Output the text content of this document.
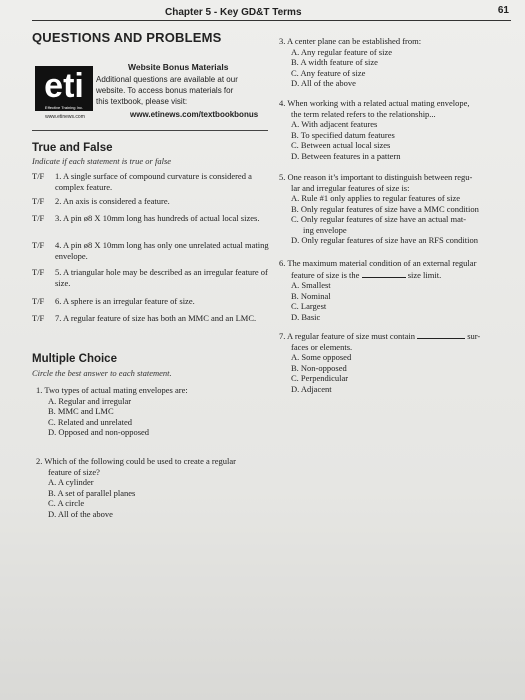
Chapter 5 - Key GD&T Terms	61
QUESTIONS AND PROBLEMS
eti
Effective Training Inc.
www.etinews.com
Website Bonus Materials
Additional questions are available at our
website. To access bonus materials for
this textbook, please visit:
www.etinews.com/textbookbonus
True and False
Indicate if each statement is true or false
T/F 1. A single surface of compound curvature is considered a complex feature.
T/F 2. An axis is considered a feature.
T/F 3. A pin ø8 X 10mm long has hundreds of actual local sizes.
T/F 4. A pin ø8 X 10mm long has only one unrelated actual mating envelope.
T/F 5. A triangular hole may be described as an irregular feature of size.
T/F 6. A sphere is an irregular feature of size.
T/F 7. A regular feature of size has both an MMC and an LMC.
Multiple Choice
Circle the best answer to each statement.
1. Two types of actual mating envelopes are:
A. Regular and irregular
B. MMC and LMC
C. Related and unrelated
D. Opposed and non-opposed
2. Which of the following could be used to create a regular
feature of size?
A. A cylinder
B. A set of parallel planes
C. A circle
D. All of the above
3. A center plane can be established from:
A. Any regular feature of size
B. A width feature of size
C. Any feature of size
D. All of the above
4. When working with a related actual mating envelope,
the term related refers to the relationship...
A. With adjacent features
B. To specified datum features
C. Between actual local sizes
D. Between features in a pattern
5. One reason it’s important to distinguish between regu-
lar and irregular features of size is:
A. Rule #1 only applies to regular features of size
B. Only regular features of size have a MMC condition
C. Only regular features of size have an actual mat-
ing envelope
D. Only regular features of size have an RFS condition
6. The maximum material condition of an external regular
feature of size is the	size limit.
A. Smallest
B. Nominal
C. Largest
D. Basic
7. A regular feature of size must contain	sur-
faces or elements.
A. Some opposed
B. Non-opposed
C. Perpendicular
D. Adjacent
